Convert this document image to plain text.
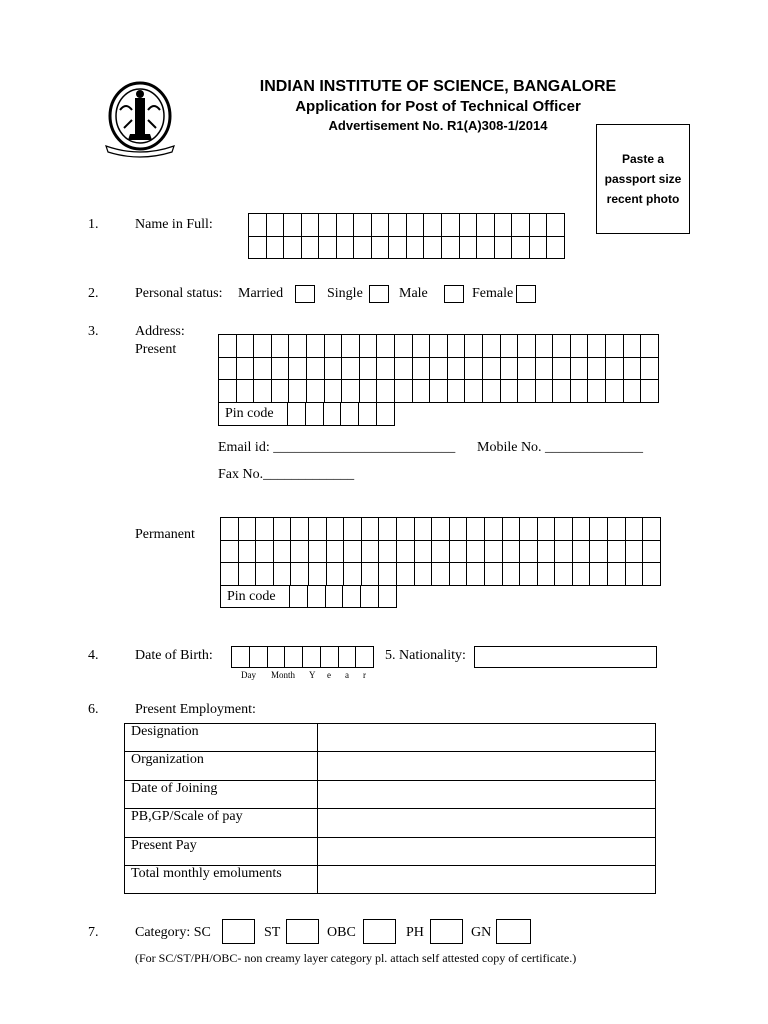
INDIAN INSTITUTE OF SCIENCE, BANGALORE
Application for Post of Technical Officer
Advertisement No. R1(A)308-1/2014
Paste a
passport size
recent photo
1.	Name in Full:

2.	Personal status: Married	Single	Male	Female
3.	Address:
Present

Pin code						
Email id: __________________________ Mobile No. ______________
Fax No._____________
Permanent

Pin code						
4.	Date of Birth:

Day Month Y e a r
5. Nationality:
6.	Present Employment:
Designation	
Organization	
Date of Joining	
PB,GP/Scale of pay	
Present Pay	
Total monthly emoluments	
7.	Category: SC	ST	OBC	PH	GN
(For SC/ST/PH/OBC- non creamy layer category pl. attach self attested copy of certificate.)
